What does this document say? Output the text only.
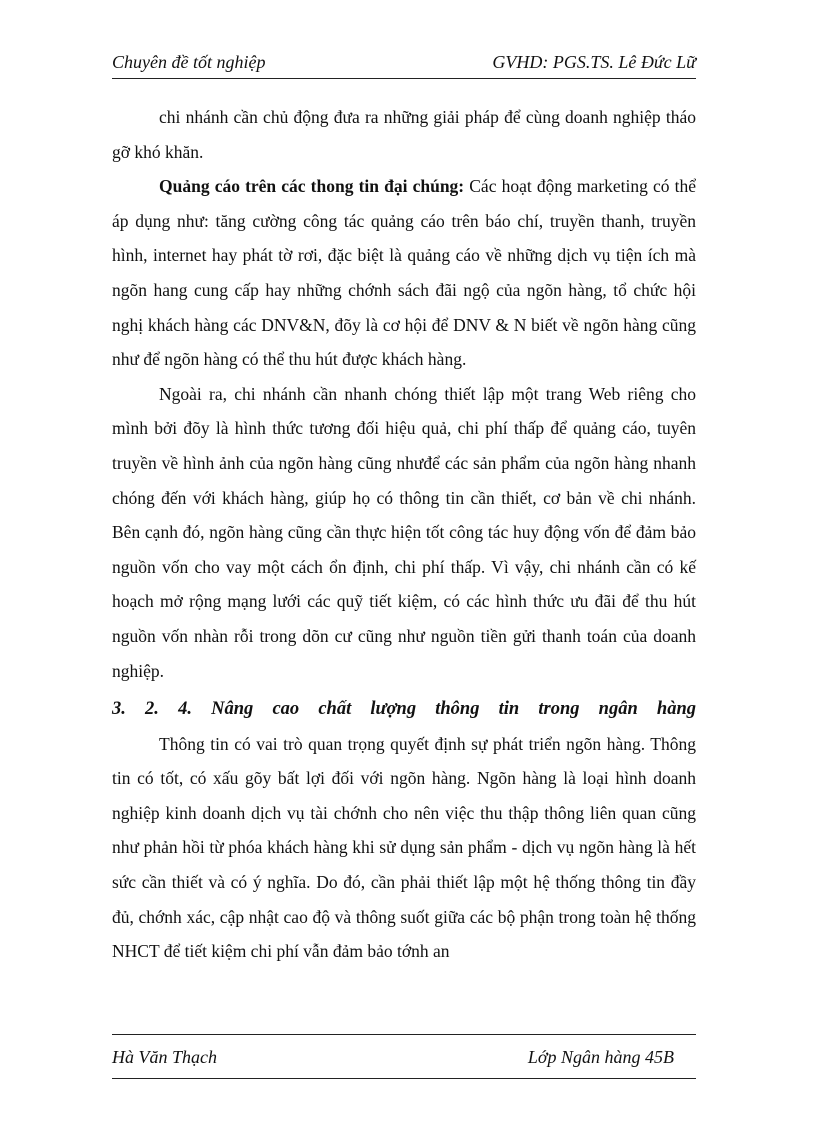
Chuyên đề tốt nghiệp	GVHD: PGS.TS. Lê Đức Lữ

chi nhánh cần chủ động đưa ra những giải pháp để cùng doanh nghiệp tháo gỡ khó khăn.

Quảng cáo trên các thong tin đại chúng: Các hoạt động marketing có thể áp dụng như: tăng cường công tác quảng cáo trên báo chí, truyền thanh, truyền hình, internet hay phát tờ rơi, đặc biệt là quảng cáo về những dịch vụ tiện ích mà ngõn hang cung cấp hay những chớnh sách đãi ngộ của ngõn hàng, tổ chức hội nghị khách hàng các DNV&N, đõy là cơ hội để DNV & N biết về ngõn hàng cũng như để ngõn hàng có thể thu hút được khách hàng.

Ngoài ra, chi nhánh cần nhanh chóng thiết lập một trang Web riêng cho mình bởi đõy là hình thức tương đối hiệu quả, chi phí thấp để quảng cáo, tuyên truyền về hình ảnh của ngõn hàng cũng nhưđể các sản phẩm của ngõn hàng nhanh chóng đến với khách hàng, giúp họ có thông tin cần thiết, cơ bản về chi nhánh. Bên cạnh đó, ngõn hàng cũng cần thực hiện tốt công tác huy động vốn để đảm bảo nguồn vốn cho vay một cách ổn định, chi phí thấp. Vì vậy, chi nhánh cần có kế hoạch mở rộng mạng lưới các quỹ tiết kiệm, có các hình thức ưu đãi để thu hút nguồn vốn nhàn rỗi trong dõn cư cũng như nguồn tiền gửi thanh toán của doanh nghiệp.

3. 2. 4. Nâng cao chất lượng thông tin trong ngân hàng

Thông tin có vai trò quan trọng quyết định sự phát triển ngõn hàng. Thông tin có tốt, có xấu gõy bất lợi đối với ngõn hàng. Ngõn hàng là loại hình doanh nghiệp kinh doanh dịch vụ tài chớnh cho nên việc thu thập thông liên quan cũng như phản hồi từ phóa khách hàng khi sử dụng sản phẩm - dịch vụ ngõn hàng là hết sức cần thiết và có ý nghĩa. Do đó, cần phải thiết lập một hệ thống thông tin đầy đủ, chớnh xác, cập nhật cao độ và thông suốt giữa các bộ phận trong toàn hệ thống NHCT để tiết kiệm chi phí vẫn đảm bảo tớnh an

Hà Văn Thạch	Lớp Ngân hàng 45B
